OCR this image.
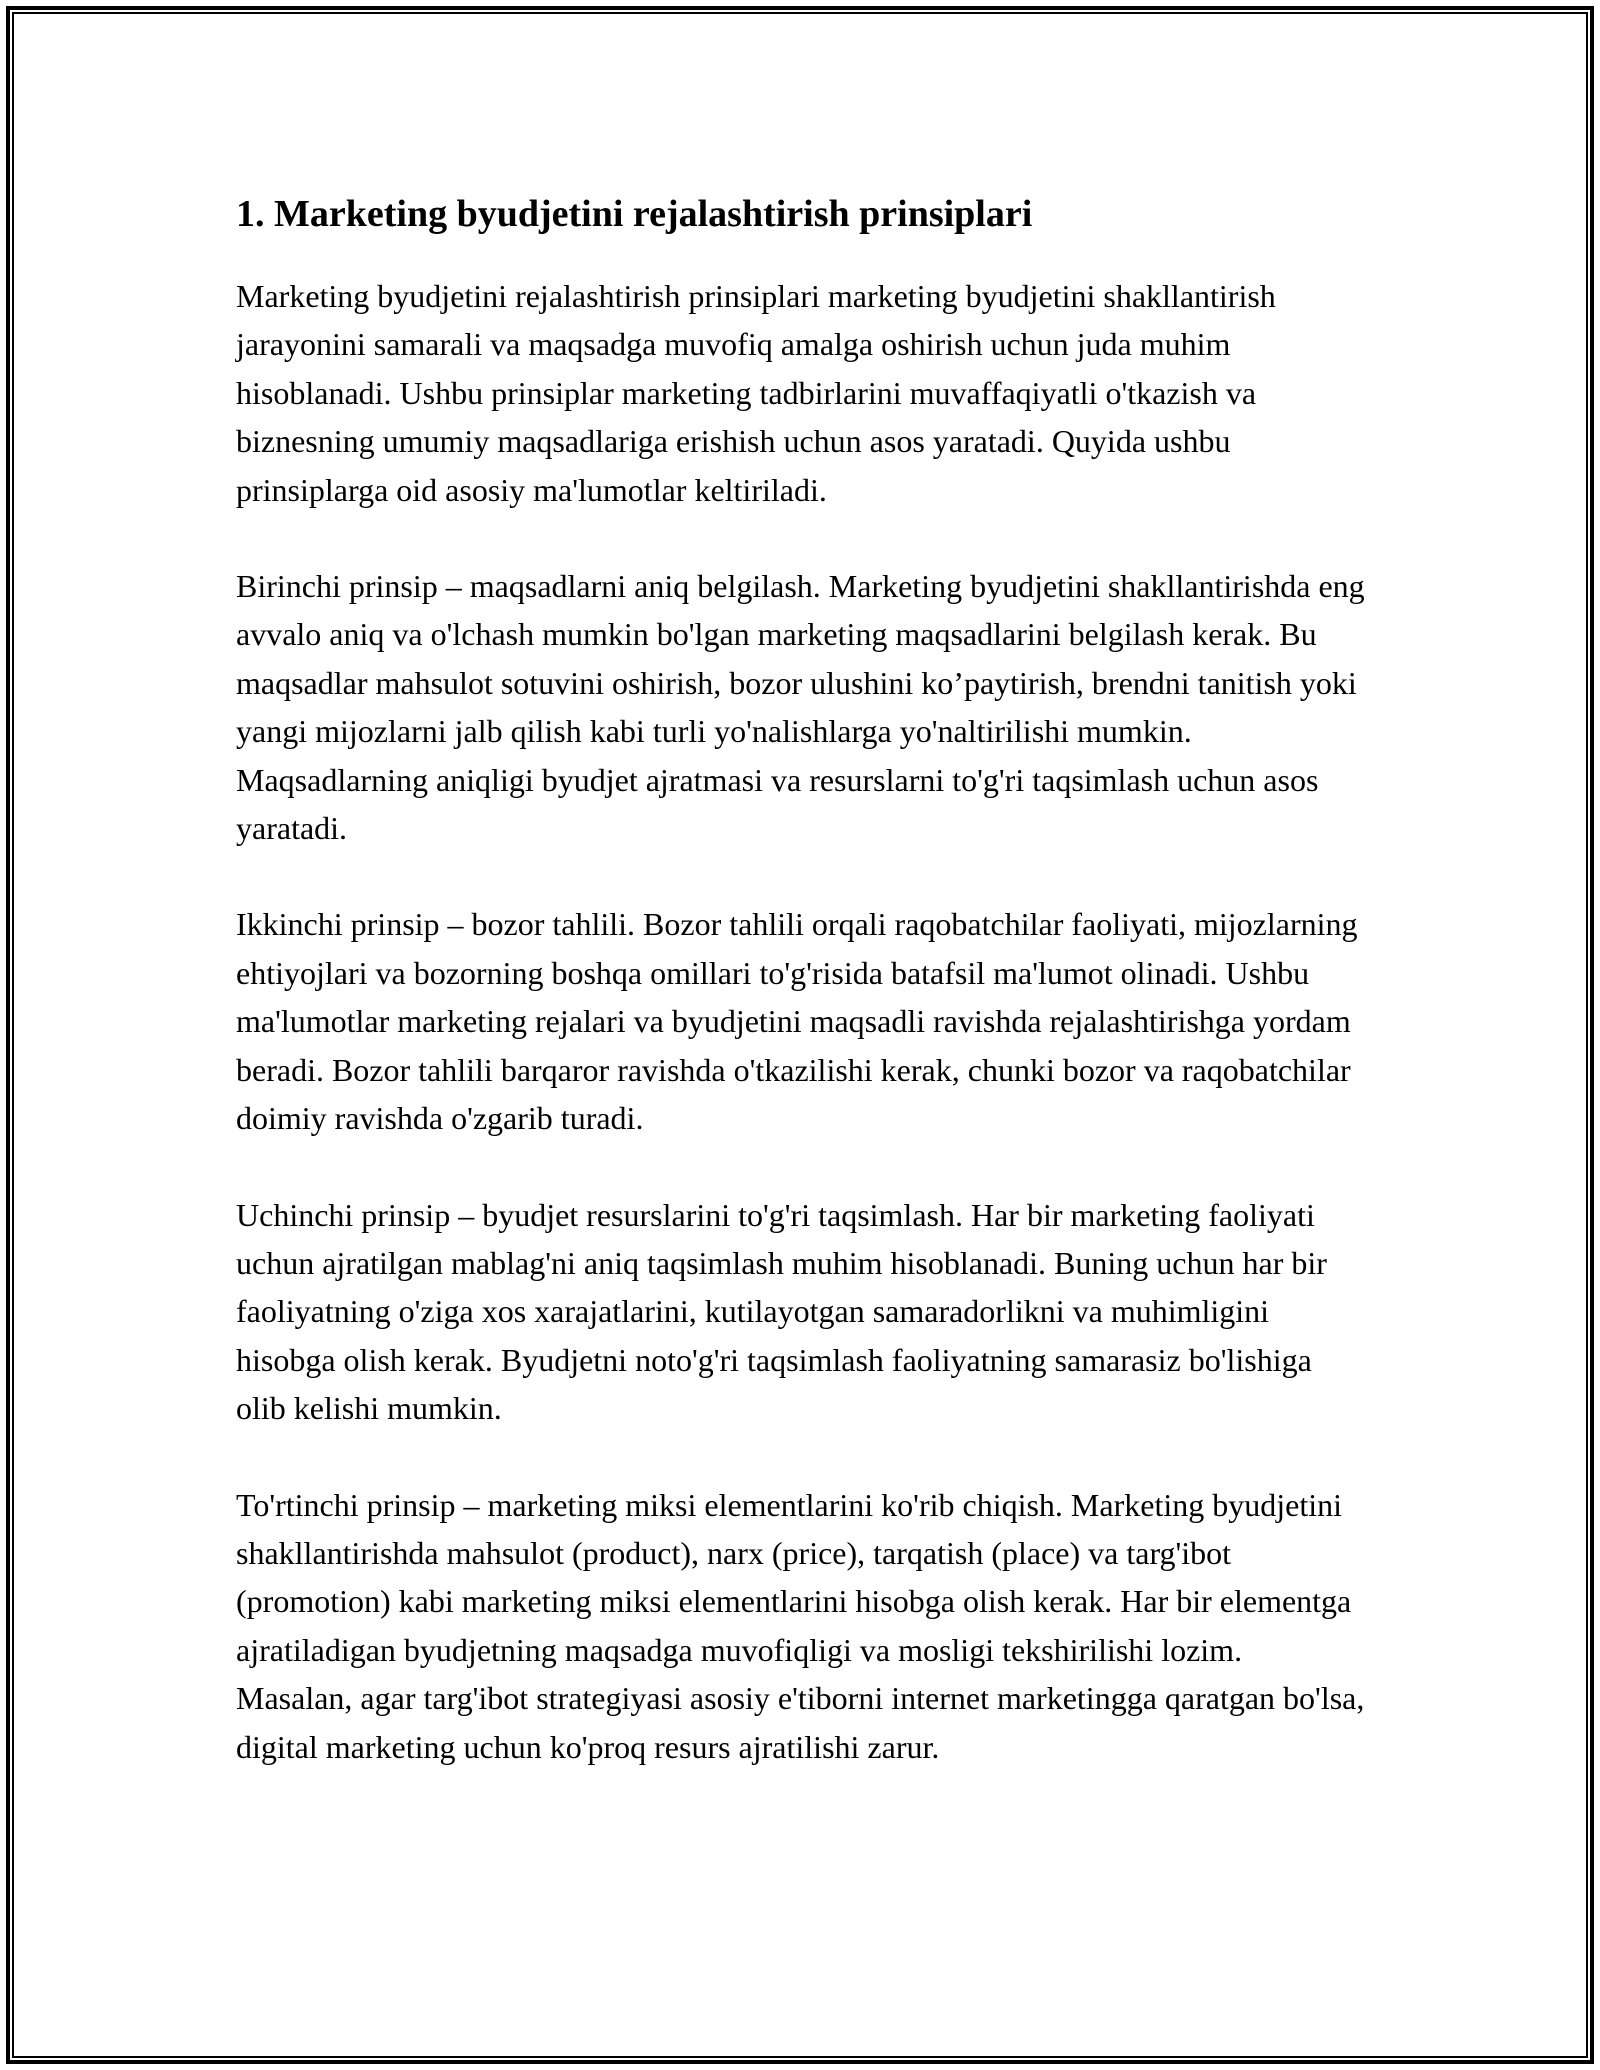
1. Marketing byudjetini rejalashtirish prinsiplari

Marketing byudjetini rejalashtirish prinsiplari marketing byudjetini shakllantirish jarayonini samarali va maqsadga muvofiq amalga oshirish uchun juda muhim hisoblanadi. Ushbu prinsiplar marketing tadbirlarini muvaffaqiyatli o'tkazish va biznesning umumiy maqsadlariga erishish uchun asos yaratadi. Quyida ushbu prinsiplarga oid asosiy ma'lumotlar keltiriladi.

Birinchi prinsip – maqsadlarni aniq belgilash. Marketing byudjetini shakllantirishda eng avvalo aniq va o'lchash mumkin bo'lgan marketing maqsadlarini belgilash kerak. Bu maqsadlar mahsulot sotuvini oshirish, bozor ulushini ko’paytirish, brendni tanitish yoki yangi mijozlarni jalb qilish kabi turli yo'nalishlarga yo'naltirilishi mumkin. Maqsadlarning aniqligi byudjet ajratmasi va resurslarni to'g'ri taqsimlash uchun asos yaratadi.

Ikkinchi prinsip – bozor tahlili. Bozor tahlili orqali raqobatchilar faoliyati, mijozlarning ehtiyojlari va bozorning boshqa omillari to'g'risida batafsil ma'lumot olinadi. Ushbu ma'lumotlar marketing rejalari va byudjetini maqsadli ravishda rejalashtirishga yordam beradi. Bozor tahlili barqaror ravishda o'tkazilishi kerak, chunki bozor va raqobatchilar doimiy ravishda o'zgarib turadi.

Uchinchi prinsip – byudjet resurslarini to'g'ri taqsimlash. Har bir marketing faoliyati uchun ajratilgan mablag'ni aniq taqsimlash muhim hisoblanadi. Buning uchun har bir faoliyatning o'ziga xos xarajatlarini, kutilayotgan samaradorlikni va muhimligini hisobga olish kerak. Byudjetni noto'g'ri taqsimlash faoliyatning samarasiz bo'lishiga olib kelishi mumkin.

To'rtinchi prinsip – marketing miksi elementlarini ko'rib chiqish. Marketing byudjetini shakllantirishda mahsulot (product), narx (price), tarqatish (place) va targ'ibot (promotion) kabi marketing miksi elementlarini hisobga olish kerak. Har bir elementga ajratiladigan byudjetning maqsadga muvofiqligi va mosligi tekshirilishi lozim. Masalan, agar targ'ibot strategiyasi asosiy e'tiborni internet marketingga qaratgan bo'lsa, digital marketing uchun ko'proq resurs ajratilishi zarur.
